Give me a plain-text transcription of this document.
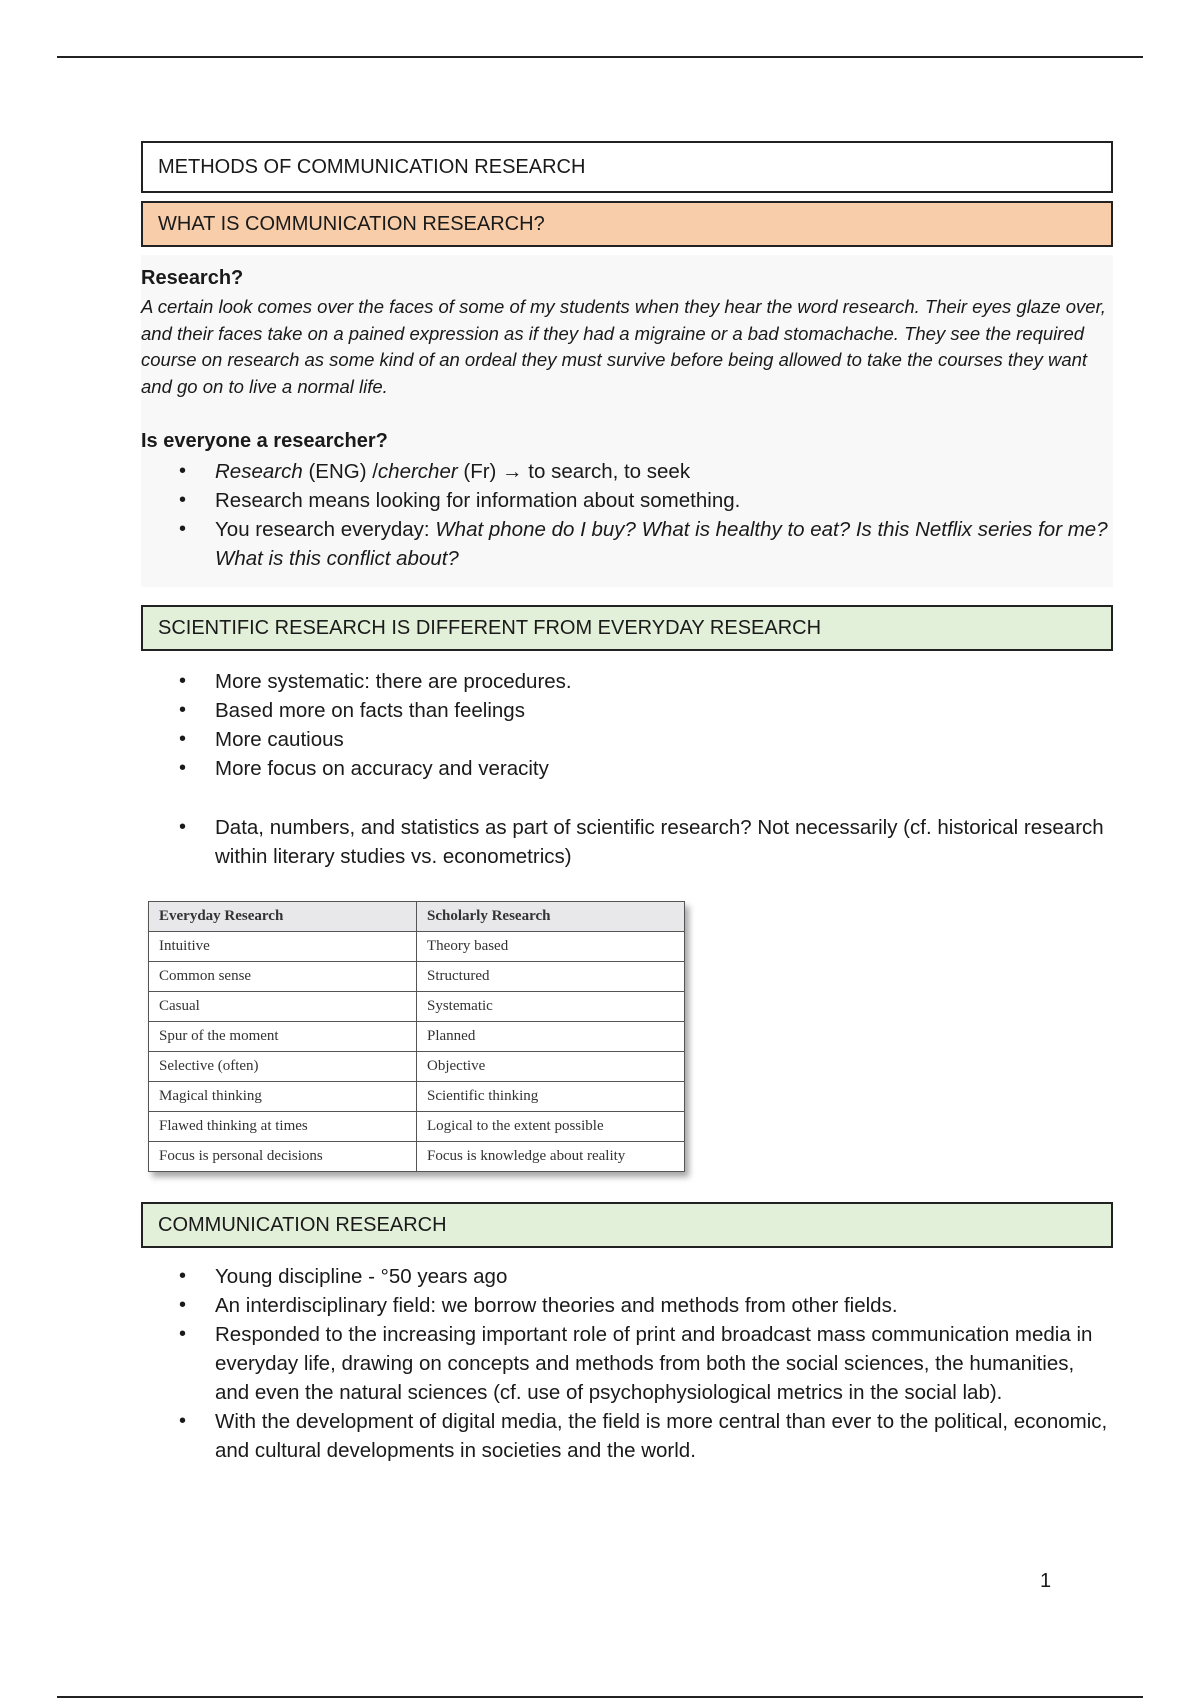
METHODS OF COMMUNICATION RESEARCH
WHAT IS COMMUNICATION RESEARCH?
Research?

A certain look comes over the faces of some of my students when they hear the word research. Their eyes glaze over, and their faces take on a pained expression as if they had a migraine or a bad stomachache. They see the required course on research as some kind of an ordeal they must survive before being allowed to take the courses they want and go on to live a normal life.

Is everyone a researcher?
• Research (ENG) /chercher (Fr) → to search, to seek
• Research means looking for information about something.
• You research everyday: What phone do I buy? What is healthy to eat? Is this Netflix series for me? What is this conflict about?
SCIENTIFIC RESEARCH IS DIFFERENT FROM EVERYDAY RESEARCH
• More systematic: there are procedures.
• Based more on facts than feelings
• More cautious
• More focus on accuracy and veracity
• Data, numbers, and statistics as part of scientific research? Not necessarily (cf. historical research within literary studies vs. econometrics)
Everyday Research	Scholarly Research
Intuitive	Theory based
Common sense	Structured
Casual	Systematic
Spur of the moment	Planned
Selective (often)	Objective
Magical thinking	Scientific thinking
Flawed thinking at times	Logical to the extent possible
Focus is personal decisions	Focus is knowledge about reality
COMMUNICATION RESEARCH
• Young discipline - °50 years ago
• An interdisciplinary field: we borrow theories and methods from other fields.
• Responded to the increasing important role of print and broadcast mass communication media in everyday life, drawing on concepts and methods from both the social sciences, the humanities, and even the natural sciences (cf. use of psychophysiological metrics in the social lab).
• With the development of digital media, the field is more central than ever to the political, economic, and cultural developments in societies and the world.
1
